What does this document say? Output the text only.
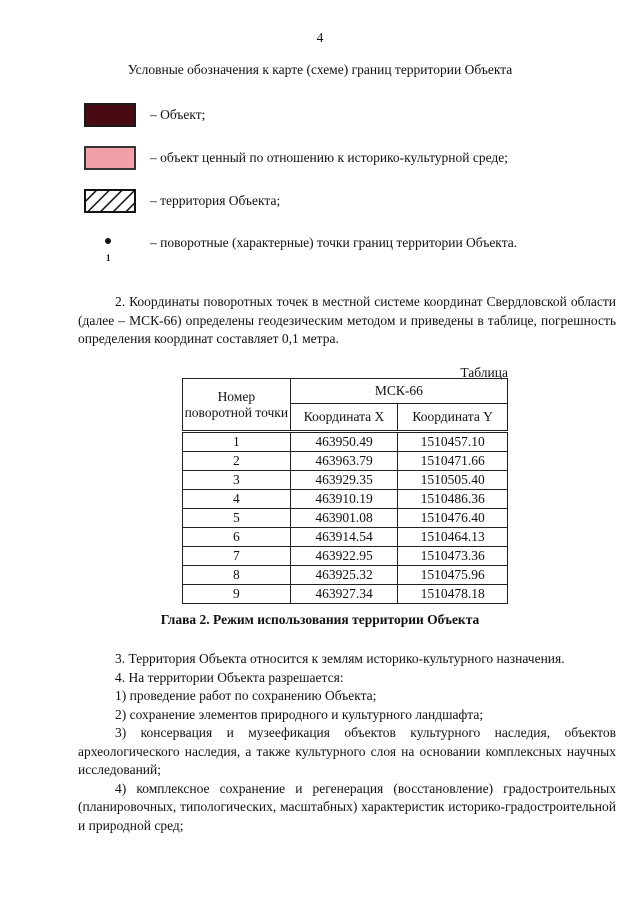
4
Условные обозначения к карте (схеме) границ территории Объекта
– Объект;
– объект ценный по отношению к историко-культурной среде;
– территория Объекта;
1
– поворотные (характерные) точки границ территории Объекта.

2. Координаты поворотных точек в местной системе координат Свердловской области (далее – МСК-66) определены геодезическим методом и приведены в таблице, погрешность определения координат составляет 0,1 метра.

Таблица
Номер поворотной точки	МСК-66	
	Координата X	Координата Y
1	463950.49	1510457.10
2	463963.79	1510471.66
3	463929.35	1510505.40
4	463910.19	1510486.36
5	463901.08	1510476.40
6	463914.54	1510464.13
7	463922.95	1510473.36
8	463925.32	1510475.96
9	463927.34	1510478.18
Глава 2. Режим использования территории Объекта

3. Территория Объекта относится к землям историко-культурного назначения.

4. На территории Объекта разрешается:

1) проведение работ по сохранению Объекта;

2) сохранение элементов природного и культурного ландшафта;

3) консервация и музеефикация объектов культурного наследия, объектов археологического наследия, а также культурного слоя на основании комплексных научных исследований;

4) комплексное сохранение и регенерация (восстановление) градостроительных (планировочных, типологических, масштабных) характеристик историко-градостроительной и природной сред;
